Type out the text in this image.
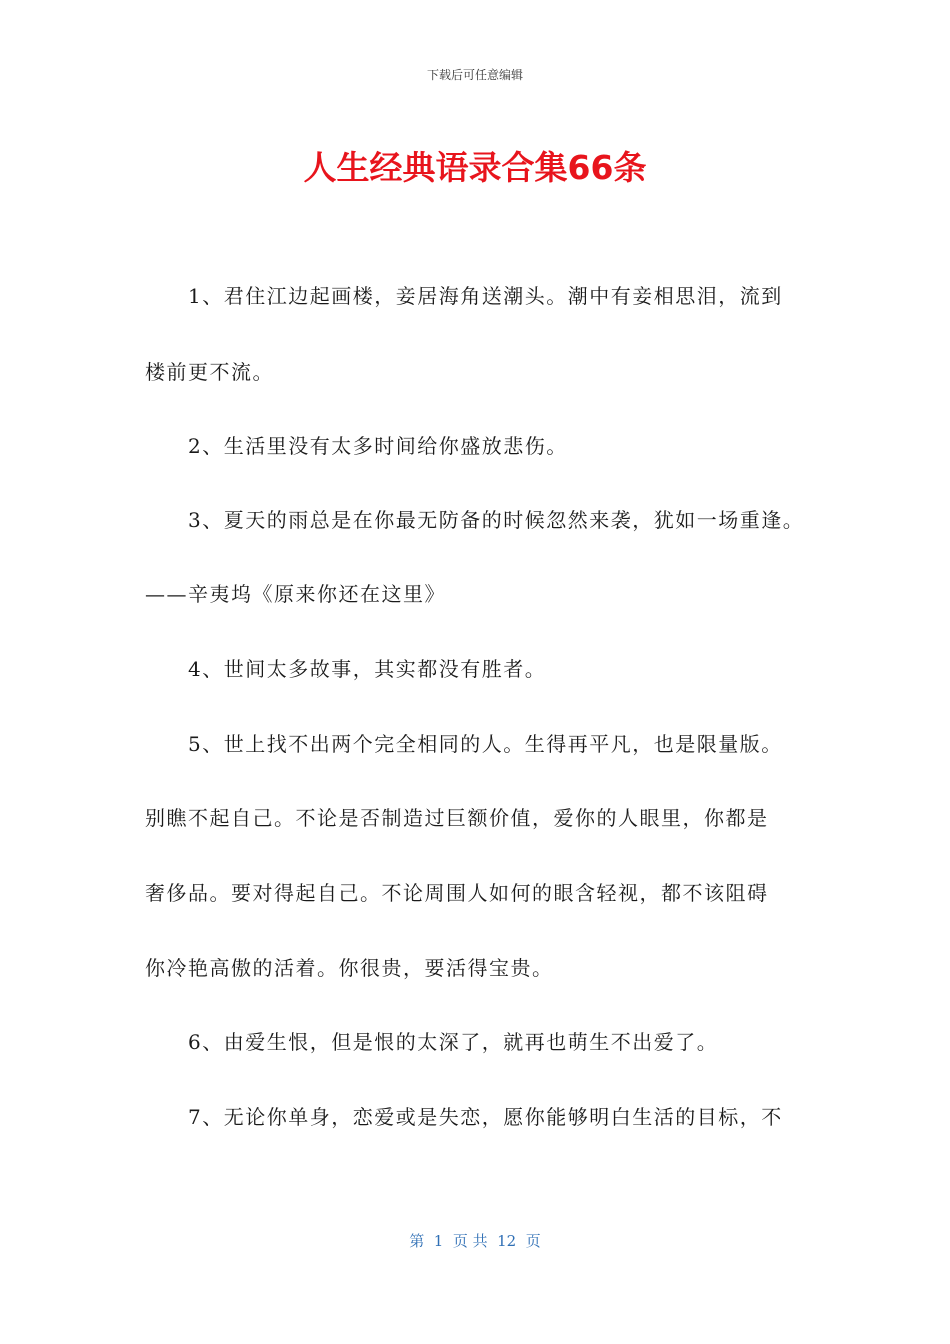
下载后可任意编辑
人生经典语录合集66条
1、君住江边起画楼，妾居海角送潮头。潮中有妾相思泪，流到
楼前更不流。
2、生活里没有太多时间给你盛放悲伤。
3、夏天的雨总是在你最无防备的时候忽然来袭，犹如一场重逢。
——辛夷坞《原来你还在这里》
4、世间太多故事，其实都没有胜者。
5、世上找不出两个完全相同的人。生得再平凡，也是限量版。
别瞧不起自己。不论是否制造过巨额价值，爱你的人眼里，你都是
奢侈品。要对得起自己。不论周围人如何的眼含轻视，都不该阻碍
你冷艳高傲的活着。你很贵，要活得宝贵。
6、由爱生恨，但是恨的太深了，就再也萌生不出爱了。
7、无论你单身，恋爱或是失恋，愿你能够明白生活的目标，不
第  1  页 共  12  页
